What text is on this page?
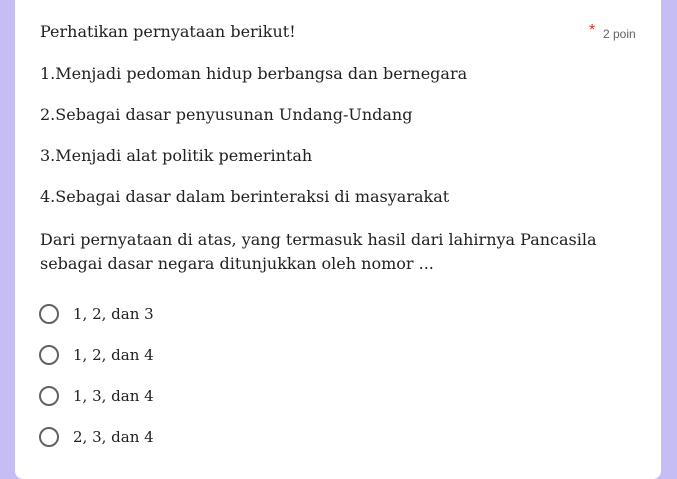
Perhatikan pernyataan berikut!	* 2 poin
1.Menjadi pedoman hidup berbangsa dan bernegara
2.Sebagai dasar penyusunan Undang-Undang
3.Menjadi alat politik pemerintah
4.Sebagai dasar dalam berinteraksi di masyarakat
Dari pernyataan di atas, yang termasuk hasil dari lahirnya Pancasila sebagai dasar negara ditunjukkan oleh nomor ...
1, 2, dan 3
1, 2, dan 4
1, 3, dan 4
2, 3, dan 4
